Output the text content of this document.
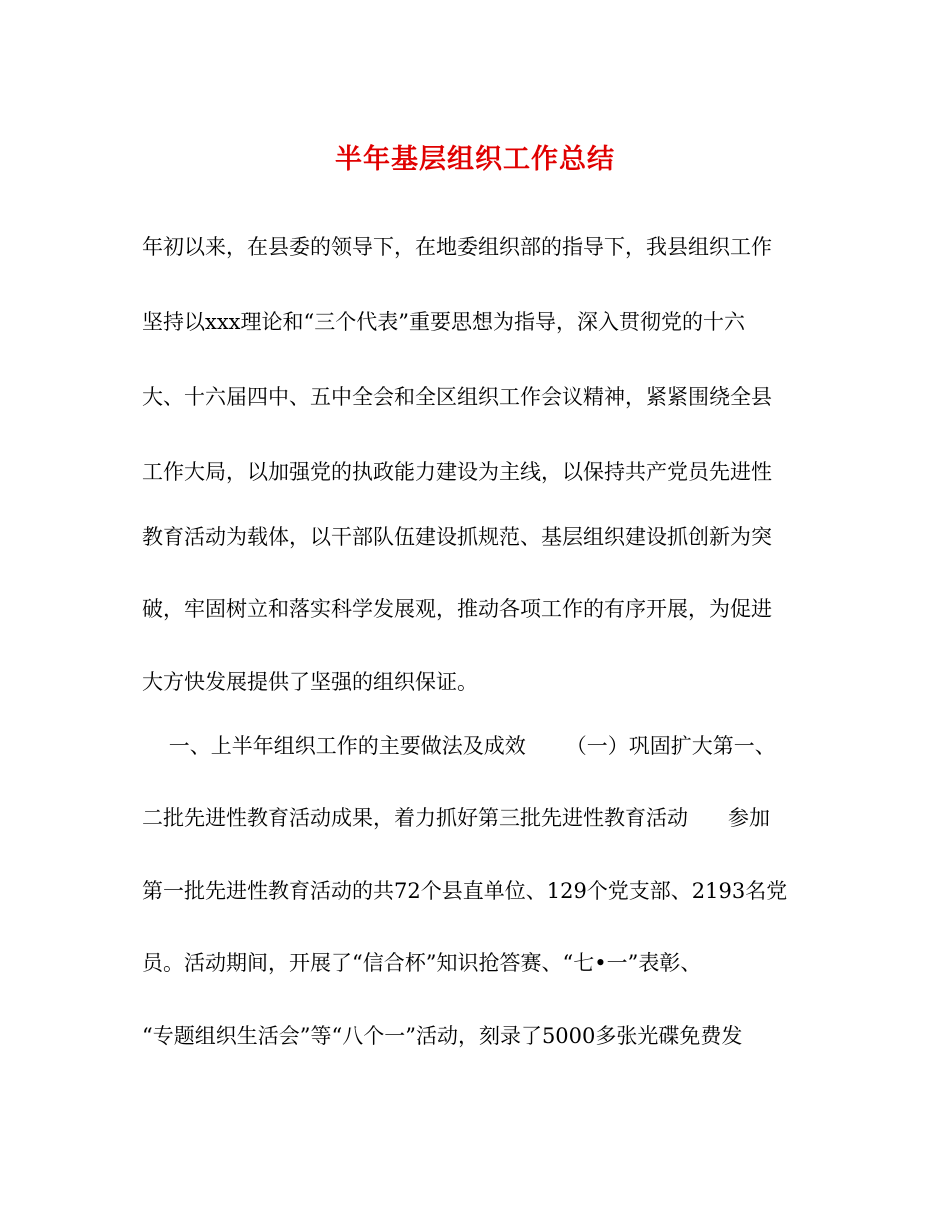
半年基层组织工作总结
年初以来，在县委的领导下，在地委组织部的指导下，我县组织工作
坚持以xxx理论和“三个代表”重要思想为指导，深入贯彻党的十六
大、十六届四中、五中全会和全区组织工作会议精神，紧紧围绕全县
工作大局，以加强党的执政能力建设为主线，以保持共产党员先进性
教育活动为载体，以干部队伍建设抓规范、基层组织建设抓创新为突
破，牢固树立和落实科学发展观，推动各项工作的有序开展，为促进
大方快发展提供了坚强的组织保证。
一、上半年组织工作的主要做法及成效      （一）巩固扩大第一、
二批先进性教育活动成果，着力抓好第三批先进性教育活动      参加
第一批先进性教育活动的共72个县直单位、129个党支部、2193名党
员。活动期间，开展了“信合杯”知识抢答赛、“七•一”表彰、
“专题组织生活会”等“八个一”活动，刻录了5000多张光碟免费发
